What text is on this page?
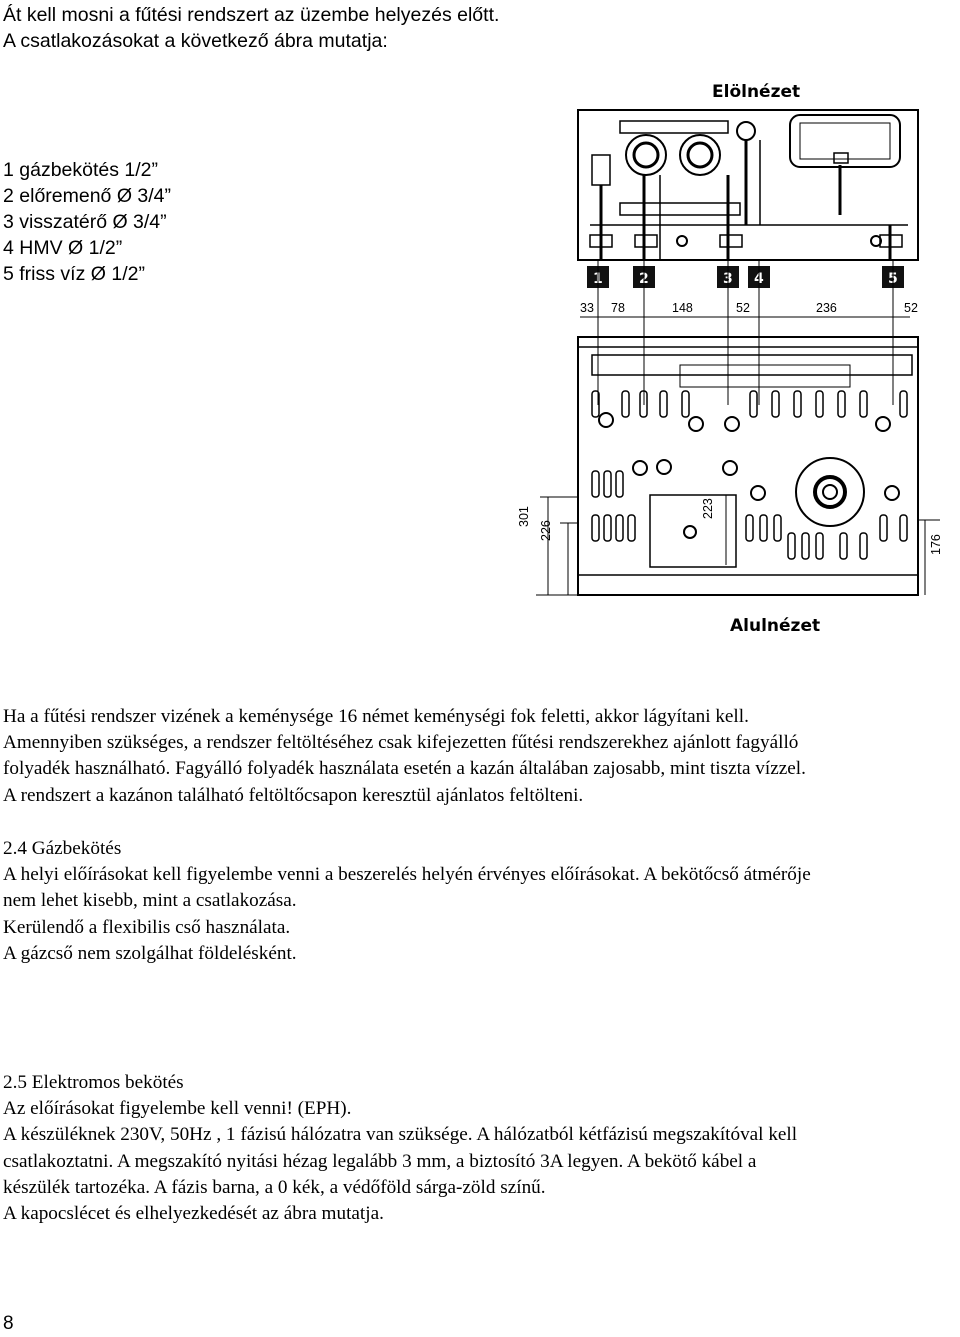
Át kell mosni a fűtési rendszert az üzembe helyezés előtt.
A csatlakozásokat a következő ábra mutatja:
1 gázbekötés 1/2”
2 előremenő Ø 3/4”
3 visszatérő Ø 3/4”
4 HMV Ø 1/2”
5 friss víz Ø 1/2”
Elölnézet
1	2	3 4	5
33 78	148	52	236	52
301
226
223
176
Alulnézet
Ha a fűtési rendszer vizének a keménysége 16 német keménységi fok feletti, akkor lágyítani kell.
Amennyiben szükséges, a rendszer feltöltéséhez csak kifejezetten fűtési rendszerekhez ajánlott fagyálló
folyadék használható. Fagyálló folyadék használata esetén a kazán általában zajosabb, mint tiszta vízzel.
A rendszert a kazánon található feltöltőcsapon keresztül ajánlatos feltölteni.
2.4 Gázbekötés
A helyi előírásokat kell figyelembe venni a beszerelés helyén érvényes előírásokat. A bekötőcső átmérője
nem lehet kisebb, mint a csatlakozása.
Kerülendő a flexibilis cső használata.
A gázcső nem szolgálhat földelésként.
2.5 Elektromos bekötés
Az előírásokat figyelembe kell venni! (EPH).
A készüléknek 230V, 50Hz , 1 fázisú hálózatra van szüksége. A hálózatból kétfázisú megszakítóval kell
csatlakoztatni. A megszakító nyitási hézag legalább 3 mm, a biztosító 3A legyen. A bekötő kábel a
készülék tartozéka. A fázis barna, a 0 kék, a védőföld sárga-zöld színű.
A kapocslécet és elhelyezkedését az ábra mutatja.
8
